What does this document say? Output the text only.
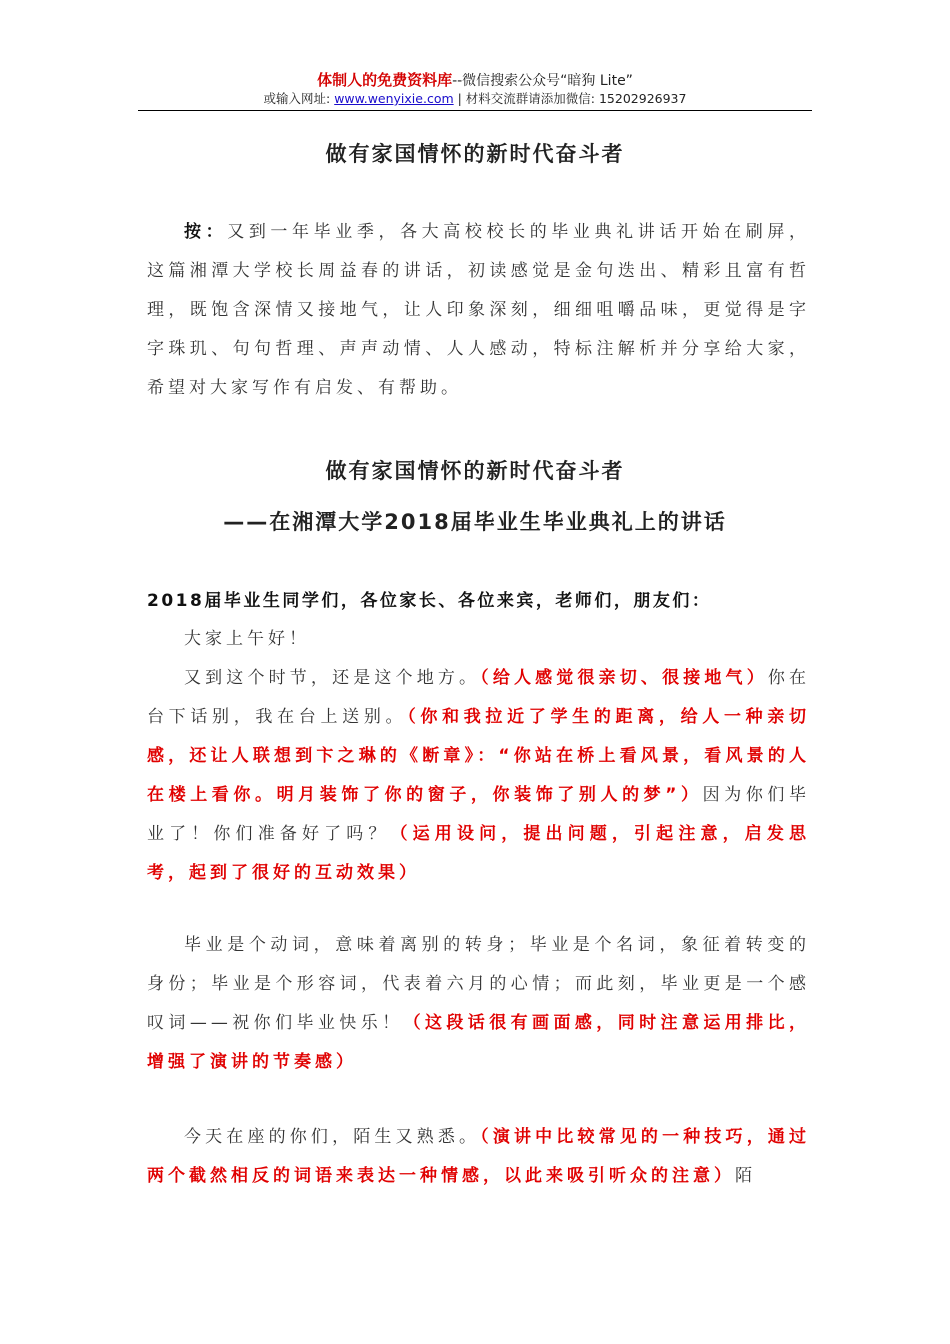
体制人的免费资料库--微信搜索公众号“暗狗 Lite”
或输入网址: www.wenyixie.com | 材料交流群请添加微信: 15202926937
做有家国情怀的新时代奋斗者
按：又到一年毕业季，各大高校校长的毕业典礼讲话开始在刷屏，这篇湘潭大学校长周益春的讲话，初读感觉是金句迭出、精彩且富有哲理，既饱含深情又接地气，让人印象深刻，细细咀嚼品味，更觉得是字字珠玑、句句哲理、声声动情、人人感动，特标注解析并分享给大家，希望对大家写作有启发、有帮助。
做有家国情怀的新时代奋斗者
——在湘潭大学2018届毕业生毕业典礼上的讲话
2018届毕业生同学们，各位家长、各位来宾，老师们，朋友们：
大家上午好！
又到这个时节，还是这个地方。（给人感觉很亲切、很接地气）你在台下话别，我在台上送别。（你和我拉近了学生的距离，给人一种亲切感，还让人联想到卞之琳的《断章》：“你站在桥上看风景，看风景的人在楼上看你。明月装饰了你的窗子，你装饰了别人的梦”）因为你们毕业了！你们准备好了吗？（运用设问，提出问题，引起注意，启发思考，起到了很好的互动效果）
毕业是个动词，意味着离别的转身；毕业是个名词，象征着转变的身份；毕业是个形容词，代表着六月的心情；而此刻，毕业更是一个感叹词——祝你们毕业快乐！（这段话很有画面感，同时注意运用排比，增强了演讲的节奏感）
今天在座的你们，陌生又熟悉。（演讲中比较常见的一种技巧，通过两个截然相反的词语来表达一种情感，以此来吸引听众的注意）陌
